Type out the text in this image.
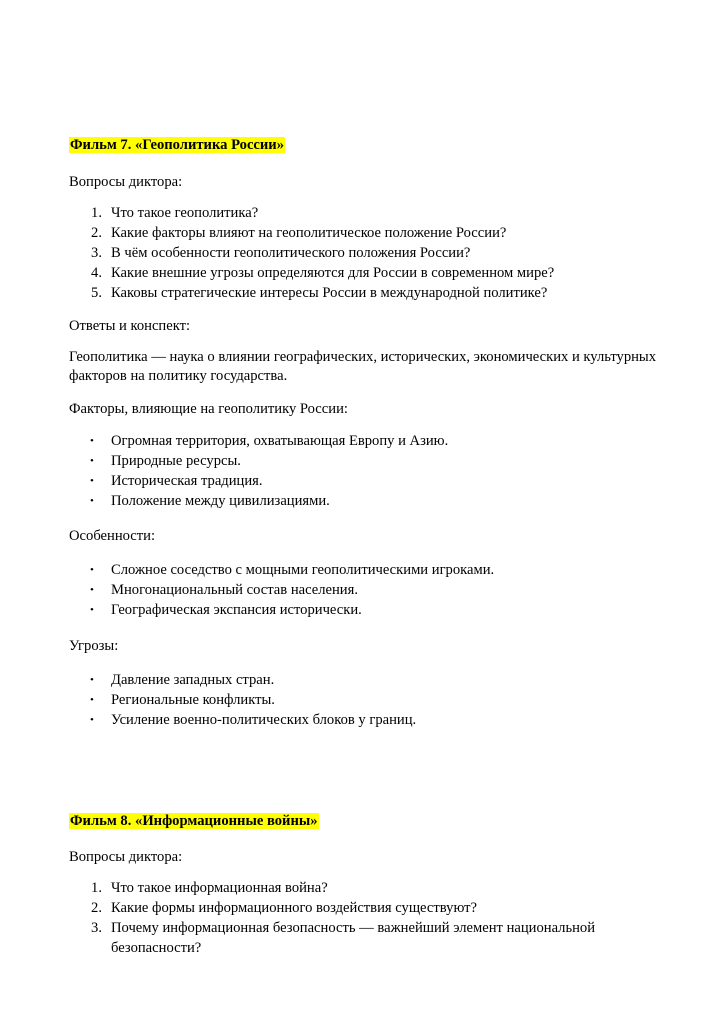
Фильм 7. «Геополитика России»
Вопросы диктора:
1. Что такое геополитика?
2. Какие факторы влияют на геополитическое положение России?
3. В чём особенности геополитического положения России?
4. Какие внешние угрозы определяются для России в современном мире?
5. Каковы стратегические интересы России в международной политике?
Ответы и конспект:
Геополитика — наука о влиянии географических, исторических, экономических и культурных
факторов на политику государства.
Факторы, влияющие на геополитику России:
• Огромная территория, охватывающая Европу и Азию.
• Природные ресурсы.
• Историческая традиция.
• Положение между цивилизациями.
Особенности:
• Сложное соседство с мощными геополитическими игроками.
• Многонациональный состав населения.
• Географическая экспансия исторически.
Угрозы:
• Давление западных стран.
• Региональные конфликты.
• Усиление военно-политических блоков у границ.
Фильм 8. «Информационные войны»
Вопросы диктора:
1. Что такое информационная война?
2. Какие формы информационного воздействия существуют?
3. Почему информационная безопасность — важнейший элемент национальной
безопасности?
